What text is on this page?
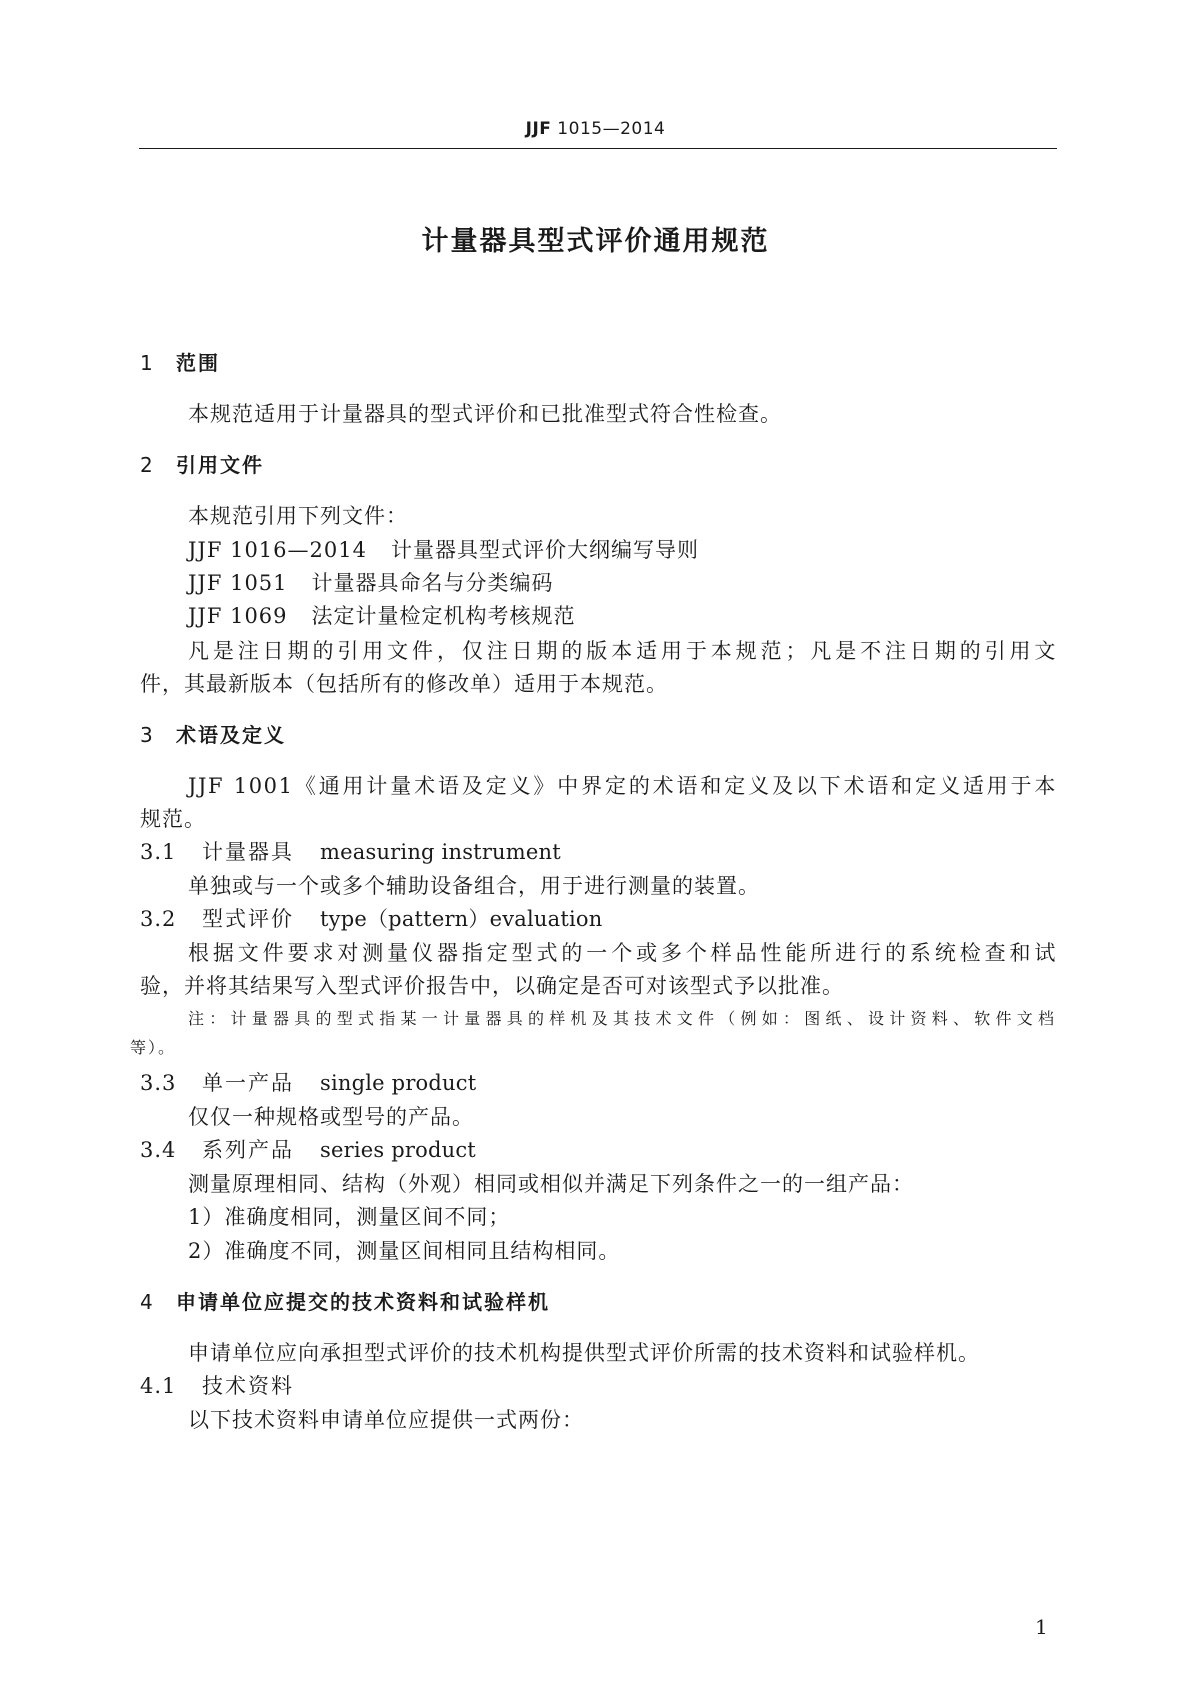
JJF 1015—2014
计量器具型式评价通用规范
1 范围
本规范适用于计量器具的型式评价和已批准型式符合性检查。
2 引用文件
本规范引用下列文件：
JJF 1016—2014 计量器具型式评价大纲编写导则
JJF 1051 计量器具命名与分类编码
JJF 1069 法定计量检定机构考核规范
凡是注日期的引用文件，仅注日期的版本适用于本规范；凡是不注日期的引用文
件，其最新版本（包括所有的修改单）适用于本规范。
3 术语及定义
JJF 1001《通用计量术语及定义》中界定的术语和定义及以下术语和定义适用于本
规范。
3.1 计量器具 measuring instrument
单独或与一个或多个辅助设备组合，用于进行测量的装置。
3.2 型式评价 type（pattern）evaluation
根据文件要求对测量仪器指定型式的一个或多个样品性能所进行的系统检查和试
验，并将其结果写入型式评价报告中，以确定是否可对该型式予以批准。
注：计量器具的型式指某一计量器具的样机及其技术文件（例如：图纸、设计资料、软件文档
等）。
3.3 单一产品 single product
仅仅一种规格或型号的产品。
3.4 系列产品 series product
测量原理相同、结构（外观）相同或相似并满足下列条件之一的一组产品：
1）准确度相同，测量区间不同；
2）准确度不同，测量区间相同且结构相同。
4 申请单位应提交的技术资料和试验样机
申请单位应向承担型式评价的技术机构提供型式评价所需的技术资料和试验样机。
4.1 技术资料
以下技术资料申请单位应提供一式两份：
1
